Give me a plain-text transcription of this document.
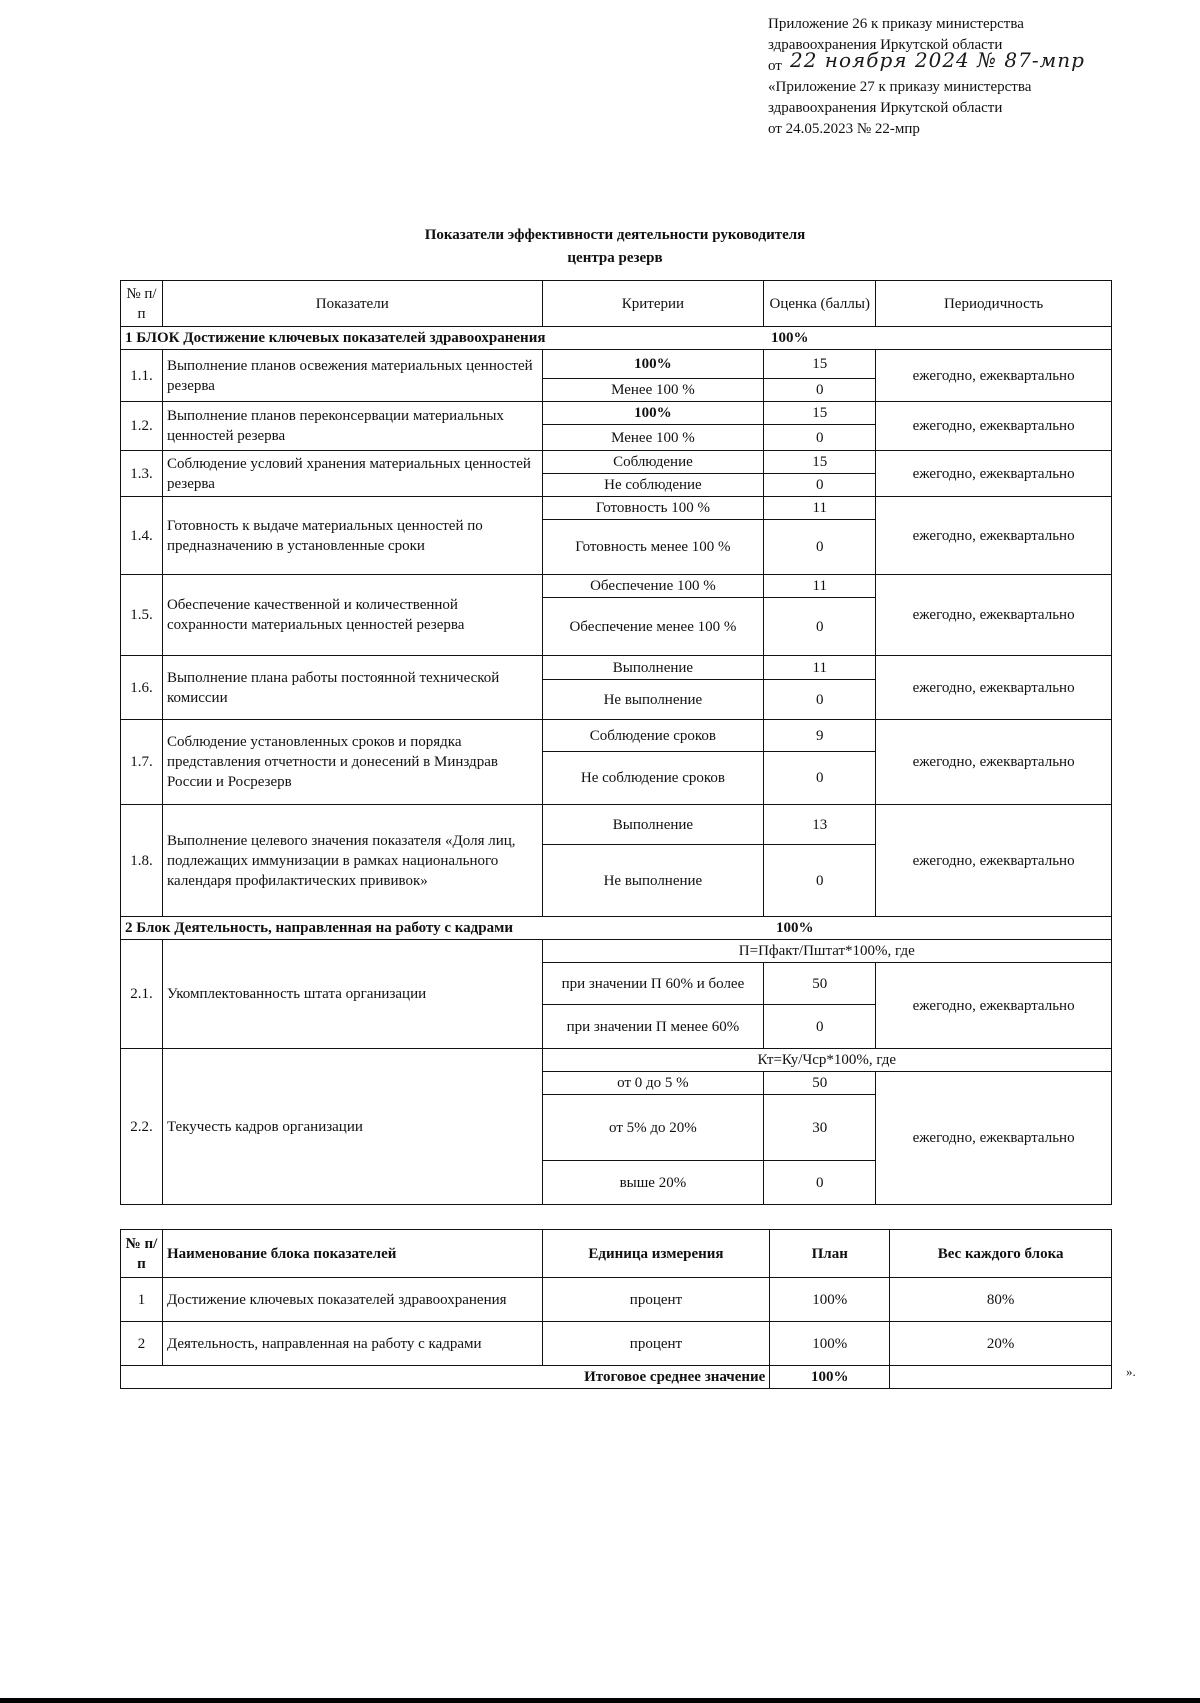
Приложение 26 к приказу министерства
здравоохранения Иркутской области
от 22 ноября 2024 № 87-мпр
«Приложение 27 к приказу министерства
здравоохранения Иркутской области
от 24.05.2023 № 22-мпр
Показатели эффективности деятельности руководителя
центра резерв
№ п/п	Показатели	Критерии	Оценка (баллы)	Периодичность
1 БЛОК Достижение ключевых показателей здравоохранения 100%				

1.1.	Выполнение планов освежения материальных ценностей резерва	100%	15	ежегодно, ежеквартально
		Менее 100 %	0	
1.2.	Выполнение планов переконсервации материальных ценностей резерва	100%	15	ежегодно, ежеквартально
		Менее 100 %	0	
1.3.	Соблюдение условий хранения материальных ценностей резерва	Соблюдение	15	ежегодно, ежеквартально
		Не соблюдение	0	
1.4.	Готовность к выдаче материальных ценностей по предназначению в установленные сроки	Готовность 100 %	11	ежегодно, ежеквартально
		Готовность менее 100 %	0	
1.5.	Обеспечение качественной и количественной сохранности материальных ценностей резерва	Обеспечение 100 %	11	ежегодно, ежеквартально
		Обеспечение менее 100 %	0	
1.6.	Выполнение плана работы постоянной технической комиссии	Выполнение	11	ежегодно, ежеквартально
		Не выполнение	0	
1.7.	Соблюдение установленных сроков и порядка представления отчетности и донесений в Минздрав России и Росрезерв	Соблюдение сроков	9	ежегодно, ежеквартально
		Не соблюдение сроков	0	
1.8.	Выполнение целевого значения показателя «Доля лиц, подлежащих иммунизации в рамках национального календаря профилактических прививок»	Выполнение	13	ежегодно, ежеквартально
		Не выполнение	0	
2 Блок Деятельность, направленная на работу с кадрами 100%				

2.1.	Укомплектованность штата организации	П=Пфакт/Пштат*100%, где		
		при значении П 60% и более	50	ежегодно, ежеквартально
		при значении П менее 60%	0	
2.2.	Текучесть кадров организации	Кт=Ку/Чср*100%, где		
		от 0 до 5 %	50	ежегодно, ежеквартально
		от 5% до 20%	30	
		выше 20%	0	
№ п/п	Наименование блока показателей	Единица измерения	План	Вес каждого блока
1	Достижение ключевых показателей здравоохранения	процент	100%	80%
2	Деятельность, направленная на работу с кадрами	процент	100%	20%
Итоговое среднее значение			100%		».
